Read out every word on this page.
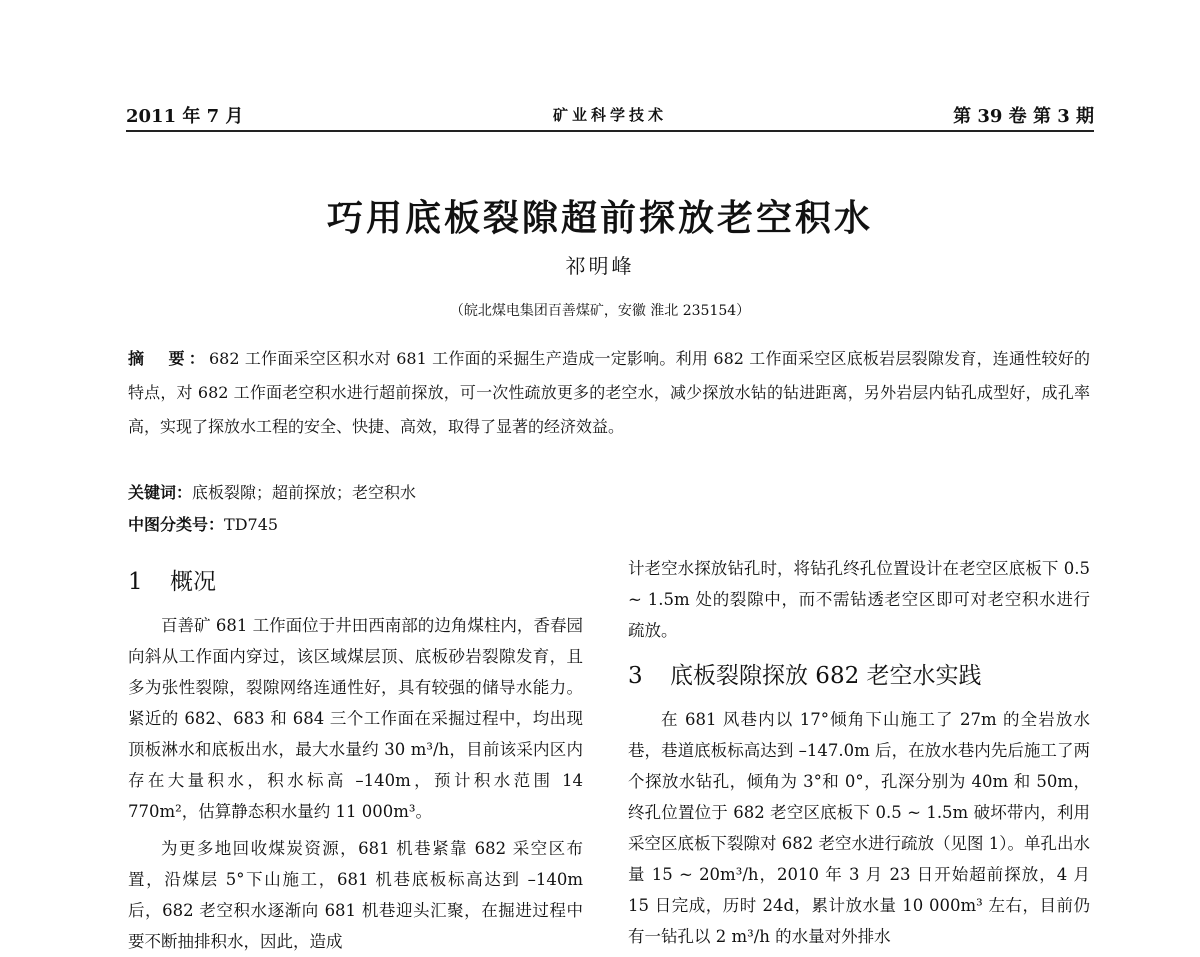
2011 年 7 月	矿业科学技术	第 39 卷 第 3 期
巧用底板裂隙超前探放老空积水
祁明峰
（皖北煤电集团百善煤矿，安徽 淮北 235154）
摘　要：682 工作面采空区积水对 681 工作面的采掘生产造成一定影响。利用 682 工作面采空区底板岩层裂隙发育，连通性较好的特点，对 682 工作面老空积水进行超前探放，可一次性疏放更多的老空水，减少探放水钻的钻进距离，另外岩层内钻孔成型好，成孔率高，实现了探放水工程的安全、快捷、高效，取得了显著的经济效益。
关键词：底板裂隙；超前探放；老空积水
中图分类号：TD745
1 概况

百善矿 681 工作面位于井田西南部的边角煤柱内，香春园向斜从工作面内穿过，该区域煤层顶、底板砂岩裂隙发育，且多为张性裂隙，裂隙网络连通性好，具有较强的储导水能力。紧近的 682、683 和 684 三个工作面在采掘过程中，均出现顶板淋水和底板出水，最大水量约 30 m³/h，目前该采内区内存在大量积水，积水标高 –140m，预计积水范围 14 770m²，估算静态积水量约 11 000m³。

为更多地回收煤炭资源，681 机巷紧靠 682 采空区布置，沿煤层 5°下山施工，681 机巷底板标高达到 –140m 后，682 老空积水逐渐向 681 机巷迎头汇聚，在掘进过程中要不断抽排积水，因此，造成

计老空水探放钻孔时，将钻孔终孔位置设计在老空区底板下 0.5 ~ 1.5m 处的裂隙中，而不需钻透老空区即可对老空积水进行疏放。

3 底板裂隙探放 682 老空水实践

在 681 风巷内以 17°倾角下山施工了 27m 的全岩放水巷，巷道底板标高达到 –147.0m 后，在放水巷内先后施工了两个探放水钻孔，倾角为 3°和 0°，孔深分别为 40m 和 50m，终孔位置位于 682 老空区底板下 0.5 ~ 1.5m 破坏带内，利用采空区底板下裂隙对 682 老空水进行疏放（见图 1）。单孔出水量 15 ~ 20m³/h，2010 年 3 月 23 日开始超前探放，4 月 15 日完成，历时 24d，累计放水量 10 000m³ 左右，目前仍有一钻孔以 2 m³/h 的水量对外排水
